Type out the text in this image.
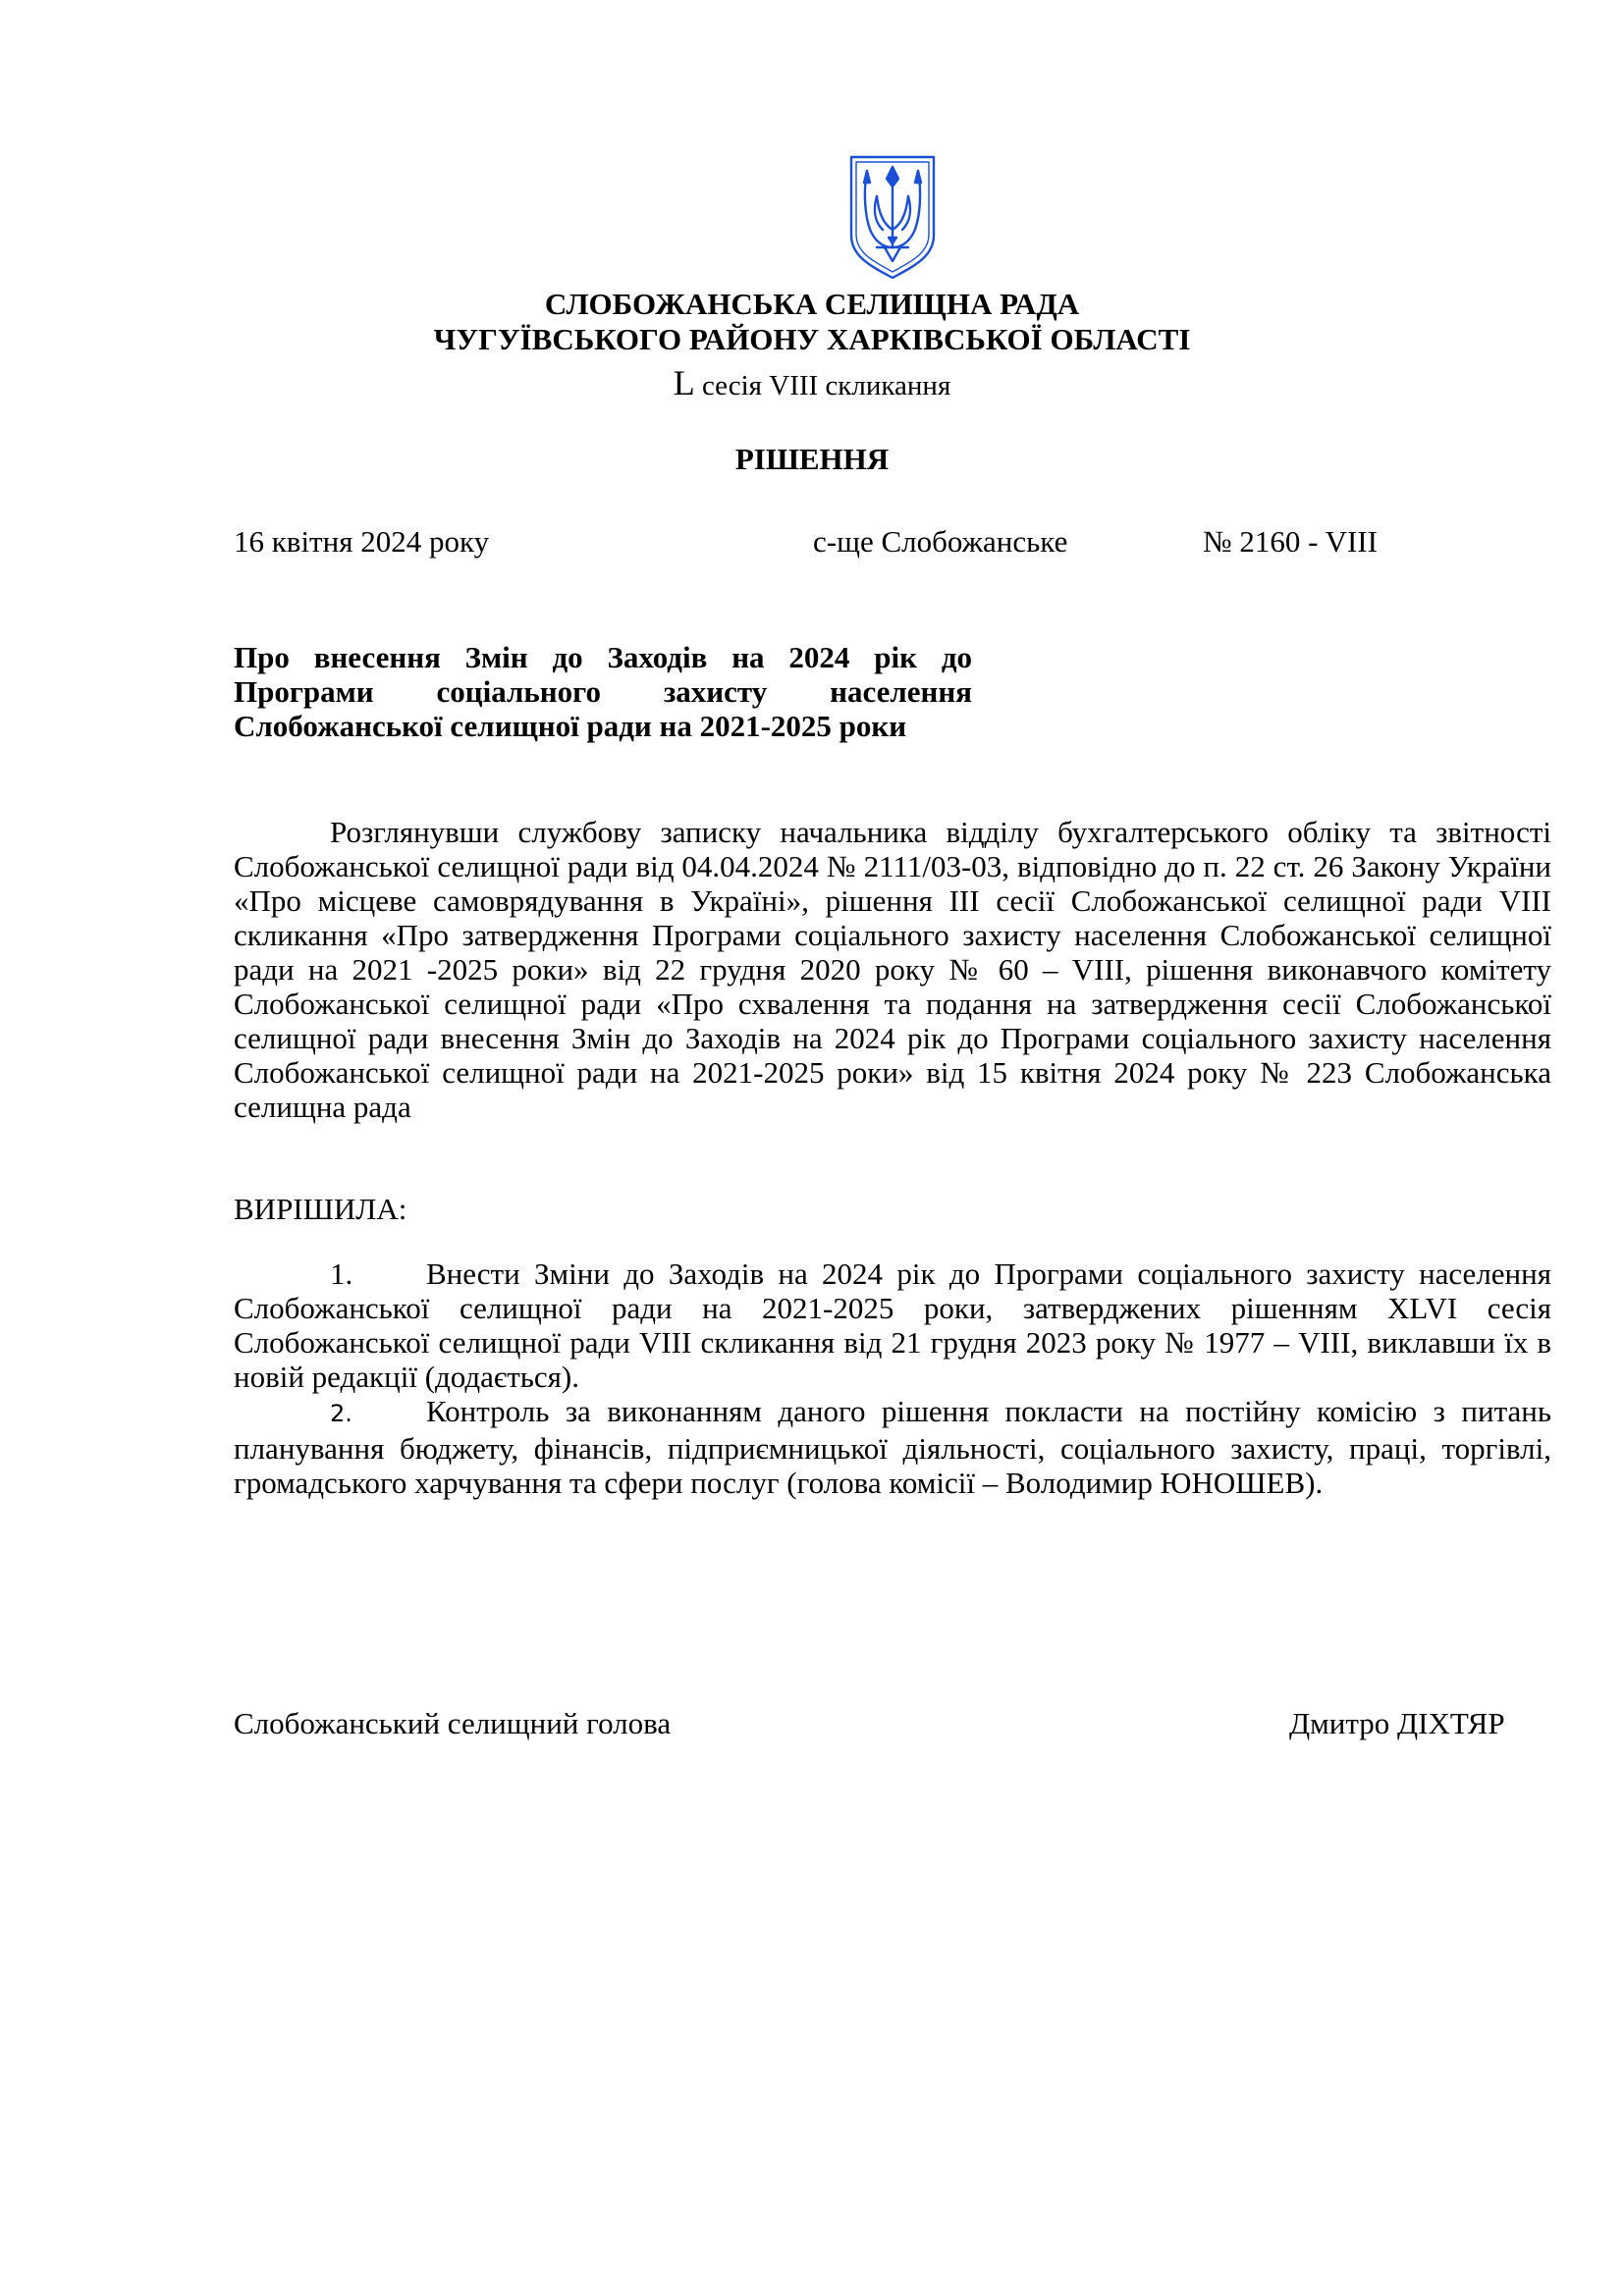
СЛОБОЖАНСЬКА СЕЛИЩНА РАДА
ЧУГУЇВСЬКОГО РАЙОНУ ХАРКІВСЬКОЇ ОБЛАСТІ
L сесія VIII скликання
РІШЕННЯ
16 квітня 2024 року	с-ще Слобожанське	№ 2160 - VIII
Про внесення Змін до Заходів на 2024 рік до
Програми соціального захисту населення
Слобожанської селищної ради на 2021-2025 роки

Розглянувши службову записку начальника відділу бухгалтерського обліку та звітності Слобожанської селищної ради від 04.04.2024 № 2111/03-03, відповідно до п. 22 ст. 26 Закону України «Про місцеве самоврядування в Україні», рішення ІІІ сесії Слобожанської селищної ради VIII скликання «Про затвердження Програми соціального захисту населення Слобожанської селищної ради на 2021 -2025 роки» від 22 грудня 2020 року № 60 – VIII, рішення виконавчого комітету Слобожанської селищної ради «Про схвалення та подання на затвердження сесії Слобожанської селищної ради внесення Змін до Заходів на 2024 рік до Програми соціального захисту населення Слобожанської селищної ради на 2021-2025 роки» від 15 квітня 2024 року № 223 Слобожанська селищна рада

ВИРІШИЛА:

1. Внести Зміни до Заходів на 2024 рік до Програми соціального захисту населення Слобожанської селищної ради на 2021-2025 роки, затверджених рішенням XLVI сесія Слобожанської селищної ради VIII скликання від 21 грудня 2023 року № 1977 – VIII, виклавши їх в новій редакції (додається).

2. Контроль за виконанням даного рішення покласти на постійну комісію з питань планування бюджету, фінансів, підприємницької діяльності, соціального захисту, праці, торгівлі, громадського харчування та сфери послуг (голова комісії – Володимир ЮНОШЕВ).

Слобожанський селищний голова	Дмитро ДІХТЯР
